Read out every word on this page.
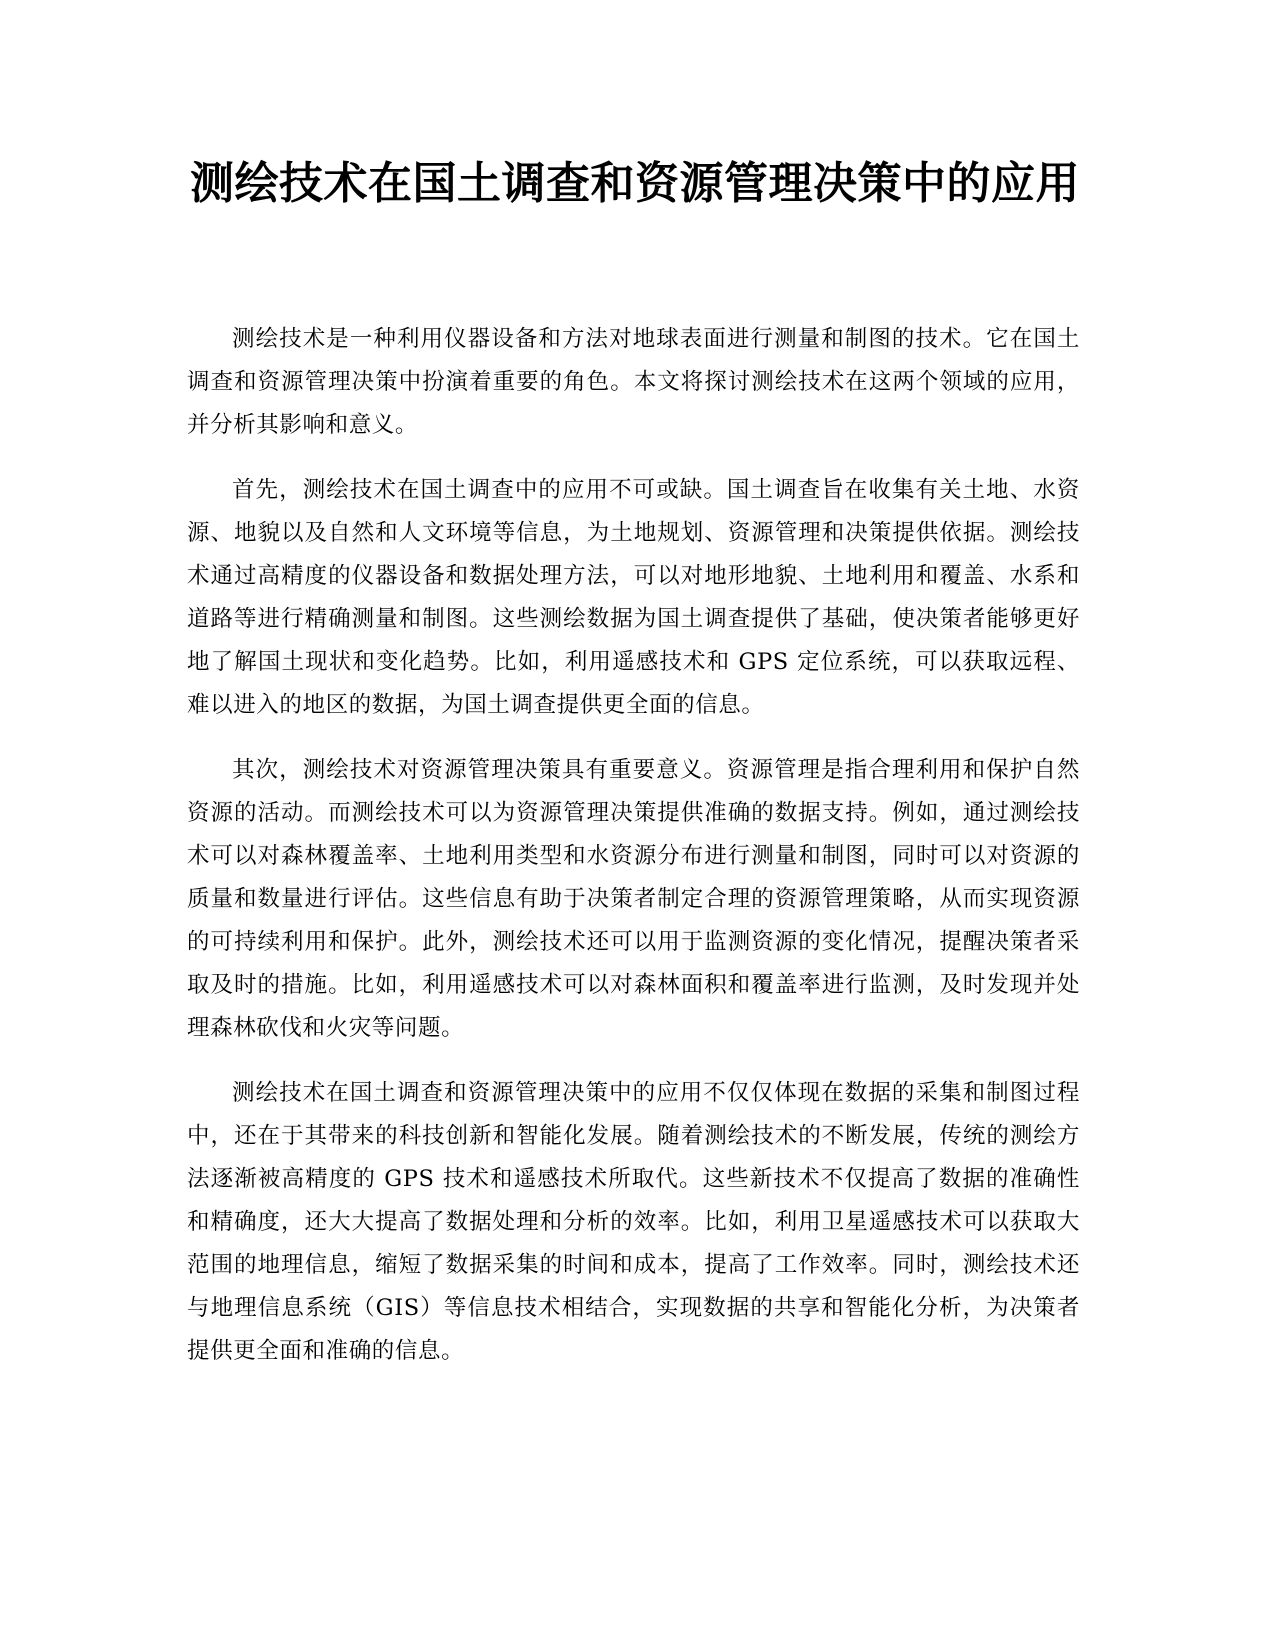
测绘技术在国土调查和资源管理决策中的应用

测绘技术是一种利用仪器设备和方法对地球表面进行测量和制图的技术。它在国土调查和资源管理决策中扮演着重要的角色。本文将探讨测绘技术在这两个领域的应用，并分析其影响和意义。

首先，测绘技术在国土调查中的应用不可或缺。国土调查旨在收集有关土地、水资源、地貌以及自然和人文环境等信息，为土地规划、资源管理和决策提供依据。测绘技术通过高精度的仪器设备和数据处理方法，可以对地形地貌、土地利用和覆盖、水系和道路等进行精确测量和制图。这些测绘数据为国土调查提供了基础，使决策者能够更好地了解国土现状和变化趋势。比如，利用遥感技术和 GPS 定位系统，可以获取远程、难以进入的地区的数据，为国土调查提供更全面的信息。

其次，测绘技术对资源管理决策具有重要意义。资源管理是指合理利用和保护自然资源的活动。而测绘技术可以为资源管理决策提供准确的数据支持。例如，通过测绘技术可以对森林覆盖率、土地利用类型和水资源分布进行测量和制图，同时可以对资源的质量和数量进行评估。这些信息有助于决策者制定合理的资源管理策略，从而实现资源的可持续利用和保护。此外，测绘技术还可以用于监测资源的变化情况，提醒决策者采取及时的措施。比如，利用遥感技术可以对森林面积和覆盖率进行监测，及时发现并处理森林砍伐和火灾等问题。

测绘技术在国土调查和资源管理决策中的应用不仅仅体现在数据的采集和制图过程中，还在于其带来的科技创新和智能化发展。随着测绘技术的不断发展，传统的测绘方法逐渐被高精度的 GPS 技术和遥感技术所取代。这些新技术不仅提高了数据的准确性和精确度，还大大提高了数据处理和分析的效率。比如，利用卫星遥感技术可以获取大范围的地理信息，缩短了数据采集的时间和成本，提高了工作效率。同时，测绘技术还与地理信息系统（GIS）等信息技术相结合，实现数据的共享和智能化分析，为决策者提供更全面和准确的信息。
